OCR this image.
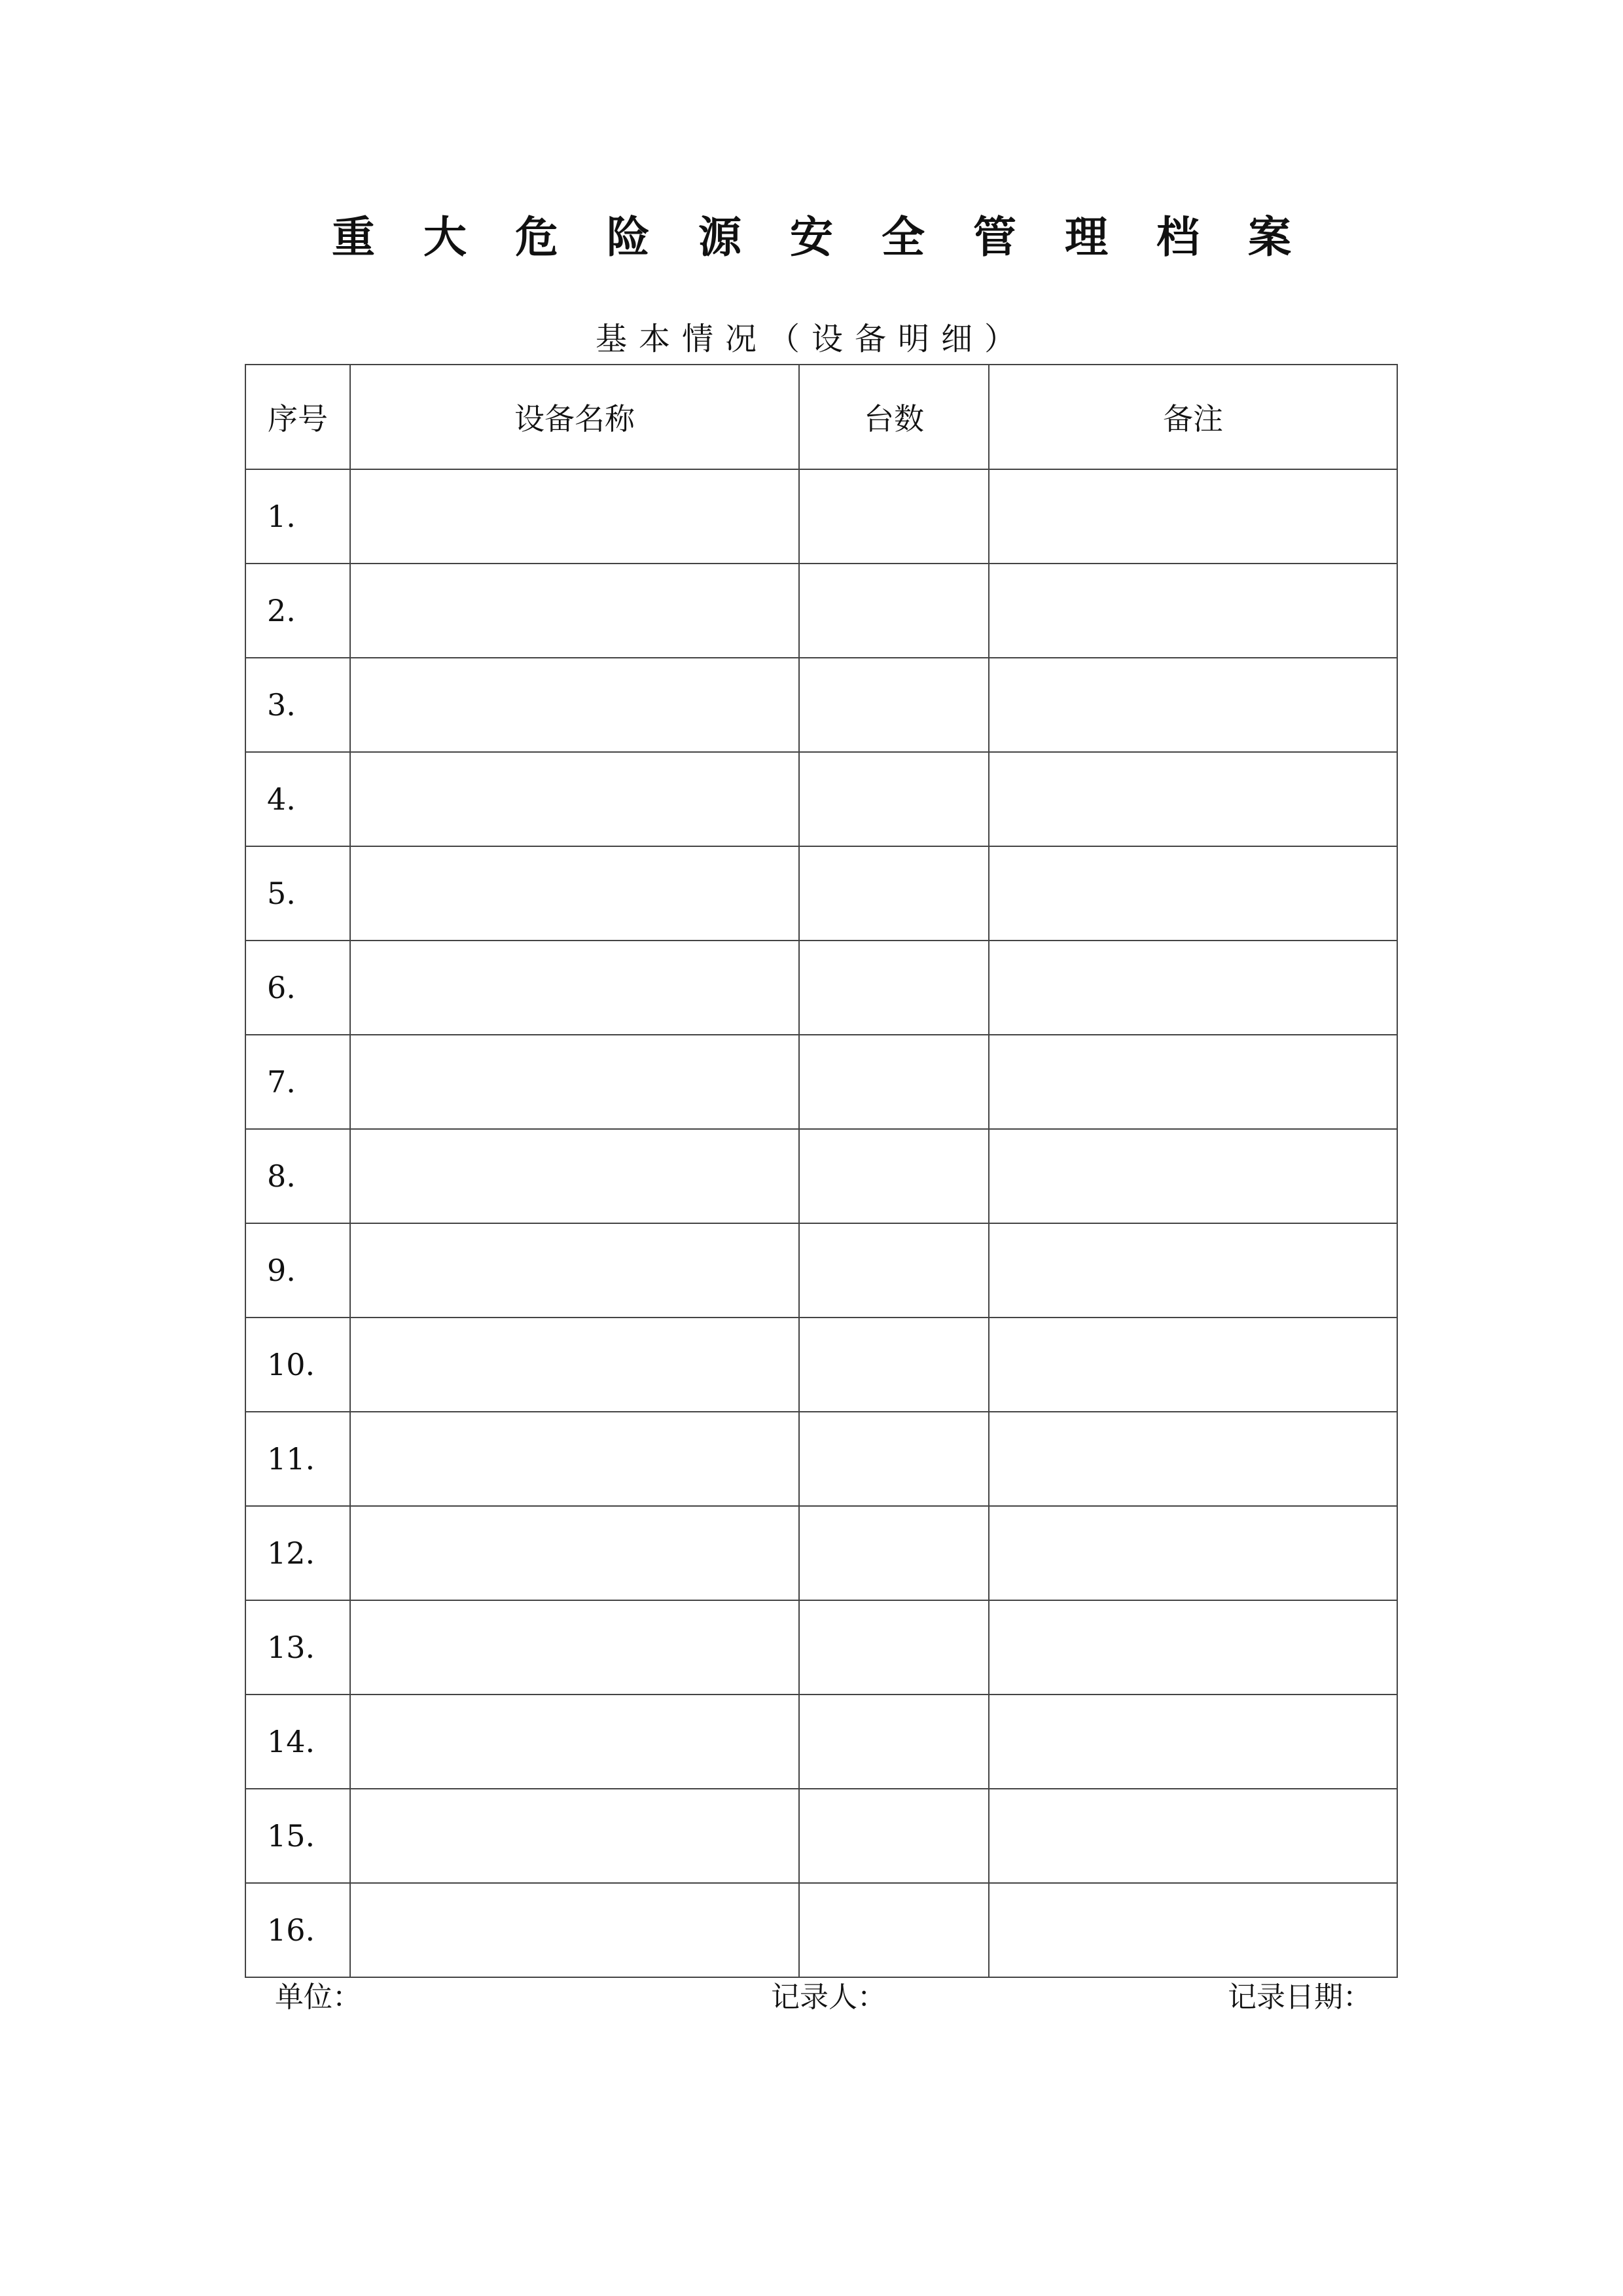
重大危险源安全管理档案
基本情况（设备明细）
序号	设备名称	台数	备注
1.			
2.			
3.			
4.			
5.			
6.			
7.			
8.			
9.			
10.			
11.			
12.			
13.			
14.			
15.			
16.			
单位：	记录人：	记录日期：
